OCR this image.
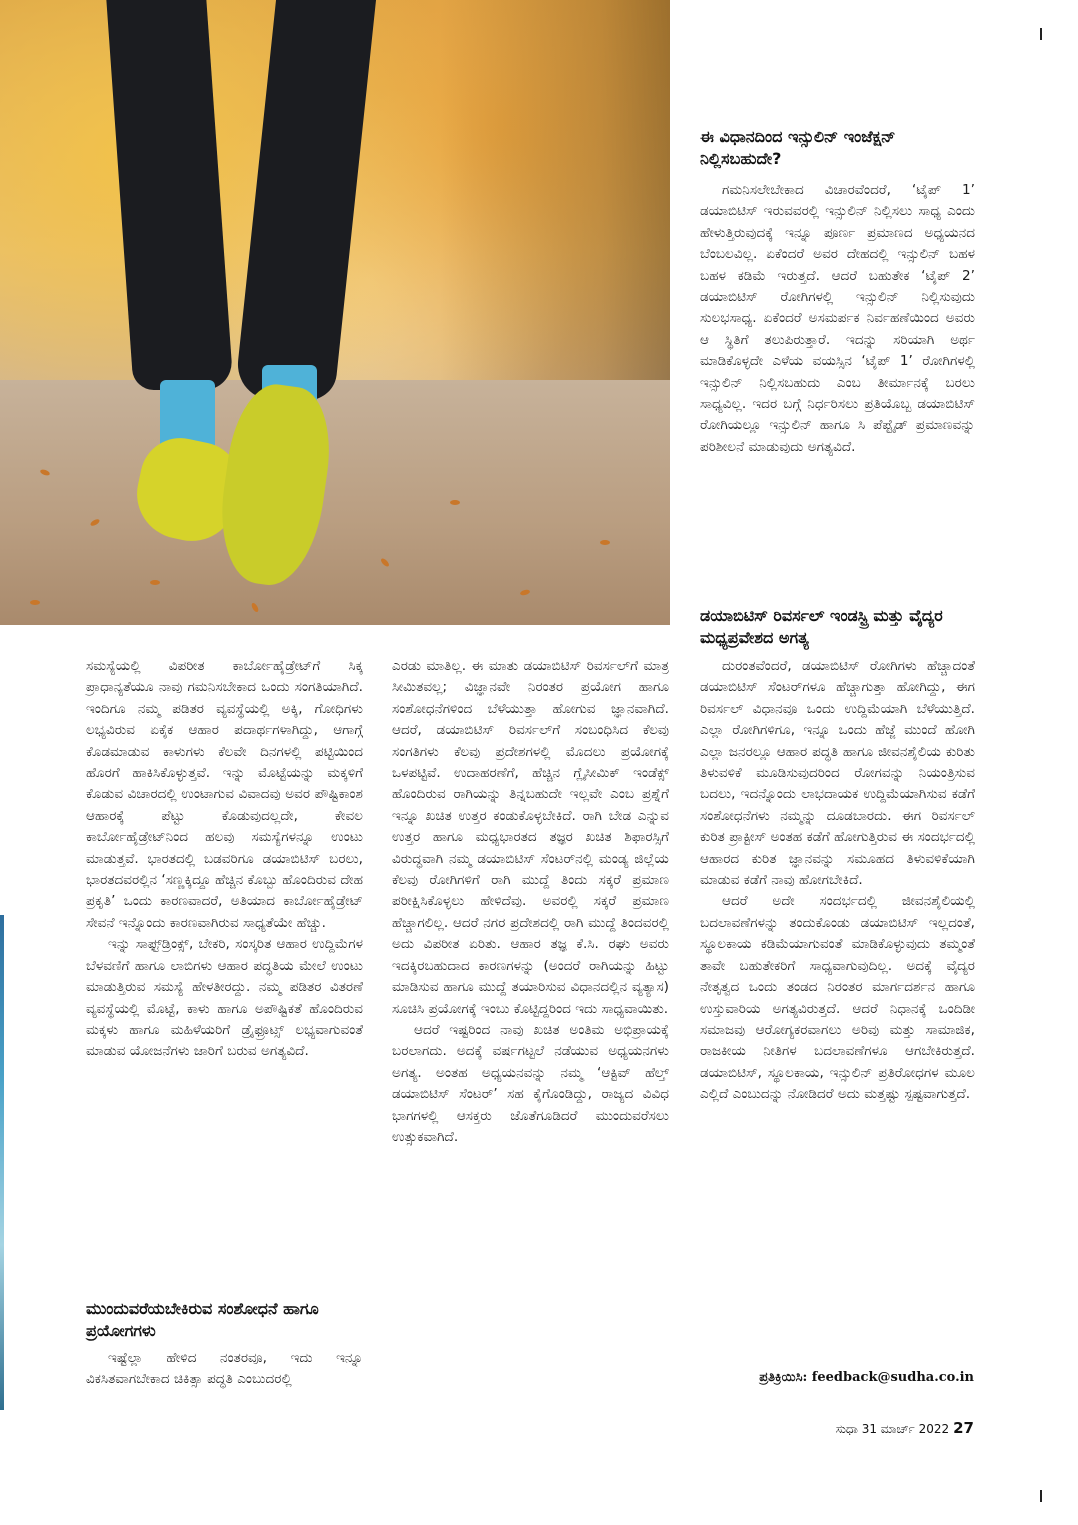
ಸಮಸ್ಯೆಯಲ್ಲಿ ವಿಪರೀತ ಕಾರ್ಬೋಹೈಡ್ರೇಟ್‌ಗೆ ಸಿಕ್ಕ ಪ್ರಾಧಾನ್ಯತೆಯೂ ನಾವು ಗಮನಿಸಬೇಕಾದ ಒಂದು ಸಂಗತಿಯಾಗಿದೆ. ಇಂದಿಗೂ ನಮ್ಮ ಪಡಿತರ ವ್ಯವಸ್ಥೆಯಲ್ಲಿ ಅಕ್ಕಿ, ಗೋಧಿಗಳು ಲಭ್ಯವಿರುವ ಏಕೈಕ ಆಹಾರ ಪದಾರ್ಥಗಳಾಗಿದ್ದು, ಆಗಾಗ್ಗೆ ಕೊಡಮಾಡುವ ಕಾಳುಗಳು ಕೆಲವೇ ದಿನಗಳಲ್ಲಿ ಪಟ್ಟಿಯಿಂದ ಹೊರಗೆ ಹಾಕಿಸಿಕೊಳ್ಳುತ್ತವೆ. ಇನ್ನು ಮೊಟ್ಟೆಯನ್ನು ಮಕ್ಕಳಿಗೆ ಕೊಡುವ ವಿಚಾರದಲ್ಲಿ ಉಂಟಾಗುವ ವಿವಾದವು ಅವರ ಪೌಷ್ಟಿಕಾಂಶ ಆಹಾರಕ್ಕೆ ಪೆಟ್ಟು ಕೊಡುವುದಲ್ಲದೇ, ಕೇವಲ ಕಾರ್ಬೋಹೈಡ್ರೇಟ್‌ನಿಂದ ಹಲವು ಸಮಸ್ಯೆಗಳನ್ನೂ ಉಂಟು ಮಾಡುತ್ತವೆ. ಭಾರತದಲ್ಲಿ ಬಡವರಿಗೂ ಡಯಾಬಿಟಿಸ್ ಬರಲು, ಭಾರತದವರಲ್ಲಿನ ‘ಸಣ್ಣಕ್ಕಿದ್ದೂ ಹೆಚ್ಚಿನ ಕೊಬ್ಬು ಹೊಂದಿರುವ ದೇಹ ಪ್ರಕೃತಿ’ ಒಂದು ಕಾರಣವಾದರೆ, ಅತಿಯಾದ ಕಾರ್ಬೋಹೈಡ್ರೇಟ್ ಸೇವನೆ ಇನ್ನೊಂದು ಕಾರಣವಾಗಿರುವ ಸಾಧ್ಯತೆಯೇ ಹೆಚ್ಚು.

ಇನ್ನು ಸಾಫ್ಟ್‌ಡ್ರಿಂಕ್ಸ್, ಬೇಕರಿ, ಸಂಸ್ಕರಿತ ಆಹಾರ ಉದ್ದಿಮೆಗಳ ಬೆಳವಣಿಗೆ ಹಾಗೂ ಲಾಬಿಗಳು ಆಹಾರ ಪದ್ಧತಿಯ ಮೇಲೆ ಉಂಟು ಮಾಡುತ್ತಿರುವ ಸಮಸ್ಯೆ ಹೇಳತೀರದ್ದು. ನಮ್ಮ ಪಡಿತರ ವಿತರಣೆ ವ್ಯವಸ್ಥೆಯಲ್ಲಿ ಮೊಟ್ಟೆ, ಕಾಳು ಹಾಗೂ ಅಪೌಷ್ಟಿಕತೆ ಹೊಂದಿರುವ ಮಕ್ಕಳು ಹಾಗೂ ಮಹಿಳೆಯರಿಗೆ ಡ್ರೈಫ್ರೂಟ್ಸ್ ಲಭ್ಯವಾಗುವಂತೆ ಮಾಡುವ ಯೋಜನೆಗಳು ಜಾರಿಗೆ ಬರುವ ಅಗತ್ಯವಿದೆ.

ಮುಂದುವರೆಯಬೇಕಿರುವ ಸಂಶೋಧನೆ ಹಾಗೂ ಪ್ರಯೋಗಗಳು

ಇಷ್ಟೆಲ್ಲಾ ಹೇಳಿದ ನಂತರವೂ, ಇದು ಇನ್ನೂ ವಿಕಸಿತವಾಗಬೇಕಾದ ಚಿಕಿತ್ಸಾ ಪದ್ಧತಿ ಎಂಬುದರಲ್ಲಿ

ಎರಡು ಮಾತಿಲ್ಲ. ಈ ಮಾತು ಡಯಾಬಿಟಿಸ್ ರಿವರ್ಸಲ್‌ಗೆ ಮಾತ್ರ ಸೀಮಿತವಲ್ಲ; ವಿಜ್ಞಾನವೇ ನಿರಂತರ ಪ್ರಯೋಗ ಹಾಗೂ ಸಂಶೋಧನೆಗಳಿಂದ ಬೆಳೆಯುತ್ತಾ ಹೋಗುವ ಜ್ಞಾನವಾಗಿದೆ. ಆದರೆ, ಡಯಾಬಿಟಿಸ್ ರಿವರ್ಸಲ್‌ಗೆ ಸಂಬಂಧಿಸಿದ ಕೆಲವು ಸಂಗತಿಗಳು ಕೆಲವು ಪ್ರದೇಶಗಳಲ್ಲಿ ಮೊದಲು ಪ್ರಯೋಗಕ್ಕೆ ಒಳಪಟ್ಟಿವೆ. ಉದಾಹರಣೆಗೆ, ಹೆಚ್ಚಿನ ಗ್ಲೈಸೀಮಿಕ್ ಇಂಡೆಕ್ಸ್ ಹೊಂದಿರುವ ರಾಗಿಯನ್ನು ತಿನ್ನಬಹುದೇ ಇಲ್ಲವೇ ಎಂಬ ಪ್ರಶ್ನೆಗೆ ಇನ್ನೂ ಖಚಿತ ಉತ್ತರ ಕಂಡುಕೊಳ್ಳಬೇಕಿದೆ. ರಾಗಿ ಬೇಡ ಎನ್ನುವ ಉತ್ತರ ಹಾಗೂ ಮಧ್ಯಭಾರತದ ತಜ್ಞರ ಖಚಿತ ಶಿಫಾರಸ್ಸಿಗೆ ವಿರುದ್ಧವಾಗಿ ನಮ್ಮ ಡಯಾಬಿಟಿಸ್ ಸೆಂಟರ್‌ನಲ್ಲಿ ಮಂಡ್ಯ ಜಿಲ್ಲೆಯ ಕೆಲವು ರೋಗಿಗಳಿಗೆ ರಾಗಿ ಮುದ್ದೆ ತಿಂದು ಸಕ್ಕರೆ ಪ್ರಮಾಣ ಪರೀಕ್ಷಿಸಿಕೊಳ್ಳಲು ಹೇಳಿದೆವು. ಅವರಲ್ಲಿ ಸಕ್ಕರೆ ಪ್ರಮಾಣ ಹೆಚ್ಚಾಗಲಿಲ್ಲ. ಆದರೆ ನಗರ ಪ್ರದೇಶದಲ್ಲಿ ರಾಗಿ ಮುದ್ದೆ ತಿಂದವರಲ್ಲಿ ಅದು ವಿಪರೀತ ಏರಿತು. ಆಹಾರ ತಜ್ಞ ಕೆ.ಸಿ. ರಘು ಅವರು ಇದಕ್ಕಿರಬಹುದಾದ ಕಾರಣಗಳನ್ನು (ಅಂದರೆ ರಾಗಿಯನ್ನು ಹಿಟ್ಟು ಮಾಡಿಸುವ ಹಾಗೂ ಮುದ್ದೆ ತಯಾರಿಸುವ ವಿಧಾನದಲ್ಲಿನ ವ್ಯತ್ಯಾಸ) ಸೂಚಿಸಿ ಪ್ರಯೋಗಕ್ಕೆ ಇಂಬು ಕೊಟ್ಟಿದ್ದರಿಂದ ಇದು ಸಾಧ್ಯವಾಯಿತು.

ಆದರೆ ಇಷ್ಟರಿಂದ ನಾವು ಖಚಿತ ಅಂತಿಮ ಅಭಿಪ್ರಾಯಕ್ಕೆ ಬರಲಾಗದು. ಅದಕ್ಕೆ ವರ್ಷಗಟ್ಟಲೆ ನಡೆಯುವ ಅಧ್ಯಯನಗಳು ಅಗತ್ಯ. ಅಂತಹ ಅಧ್ಯಯನವನ್ನು ನಮ್ಮ ‘ಆಕ್ಟಿವ್ ಹೆಲ್ತ್ ಡಯಾಬಿಟಿಸ್ ಸೆಂಟರ್’ ಸಹ ಕೈಗೊಂಡಿದ್ದು, ರಾಜ್ಯದ ವಿವಿಧ ಭಾಗಗಳಲ್ಲಿ ಆಸಕ್ತರು ಜೊತೆಗೂಡಿದರೆ ಮುಂದುವರೆಸಲು ಉತ್ಸುಕವಾಗಿದೆ.

ಈ ವಿಧಾನದಿಂದ ಇನ್ಸುಲಿನ್ ಇಂಜೆಕ್ಷನ್ ನಿಲ್ಲಿಸಬಹುದೇ?

ಗಮನಿಸಲೇಬೇಕಾದ ವಿಚಾರವೆಂದರೆ, ‘ಟೈಪ್ 1’ ಡಯಾಬಿಟಿಸ್ ಇರುವವರಲ್ಲಿ ಇನ್ಸುಲಿನ್ ನಿಲ್ಲಿಸಲು ಸಾಧ್ಯ ಎಂದು ಹೇಳುತ್ತಿರುವುದಕ್ಕೆ ಇನ್ನೂ ಪೂರ್ಣ ಪ್ರಮಾಣದ ಅಧ್ಯಯನದ ಬೆಂಬಲವಿಲ್ಲ. ಏಕೆಂದರೆ ಅವರ ದೇಹದಲ್ಲಿ ಇನ್ಸುಲಿನ್ ಬಹಳ ಬಹಳ ಕಡಿಮೆ ಇರುತ್ತದೆ. ಆದರೆ ಬಹುತೇಕ ‘ಟೈಪ್ 2’ ಡಯಾಬಿಟಿಸ್ ರೋಗಿಗಳಲ್ಲಿ ಇನ್ಸುಲಿನ್ ನಿಲ್ಲಿಸುವುದು ಸುಲಭಸಾಧ್ಯ. ಏಕೆಂದರೆ ಅಸಮರ್ಪಕ ನಿರ್ವಹಣೆಯಿಂದ ಅವರು ಆ ಸ್ಥಿತಿಗೆ ತಲುಪಿರುತ್ತಾರೆ. ಇದನ್ನು ಸರಿಯಾಗಿ ಅರ್ಥ ಮಾಡಿಕೊಳ್ಳದೇ ಎಳೆಯ ವಯಸ್ಸಿನ ‘ಟೈಪ್ 1’ ರೋಗಿಗಳಲ್ಲಿ ಇನ್ಸುಲಿನ್ ನಿಲ್ಲಿಸಬಹುದು ಎಂಬ ತೀರ್ಮಾನಕ್ಕೆ ಬರಲು ಸಾಧ್ಯವಿಲ್ಲ. ಇದರ ಬಗ್ಗೆ ನಿರ್ಧರಿಸಲು ಪ್ರತಿಯೊಬ್ಬ ಡಯಾಬಿಟಿಸ್ ರೋಗಿಯಲ್ಲೂ ಇನ್ಸುಲಿನ್ ಹಾಗೂ ಸಿ ಪೆಪ್ಟೈಡ್ ಪ್ರಮಾಣವನ್ನು ಪರಿಶೀಲನೆ ಮಾಡುವುದು ಅಗತ್ಯವಿದೆ.

ಡಯಾಬಿಟಿಸ್ ರಿವರ್ಸಲ್ ಇಂಡಸ್ಟ್ರಿ ಮತ್ತು ವೈದ್ಯರ ಮಧ್ಯಪ್ರವೇಶದ ಅಗತ್ಯ

ದುರಂತವೆಂದರೆ, ಡಯಾಬಿಟಿಸ್ ರೋಗಿಗಳು ಹೆಚ್ಚಾದಂತೆ ಡಯಾಬಿಟಿಸ್ ಸೆಂಟರ್‌ಗಳೂ ಹೆಚ್ಚಾಗುತ್ತಾ ಹೋಗಿದ್ದು, ಈಗ ರಿವರ್ಸಲ್ ವಿಧಾನವೂ ಒಂದು ಉದ್ದಿಮೆಯಾಗಿ ಬೆಳೆಯುತ್ತಿದೆ. ಎಲ್ಲಾ ರೋಗಿಗಳಿಗೂ, ಇನ್ನೂ ಒಂದು ಹೆಜ್ಜೆ ಮುಂದೆ ಹೋಗಿ ಎಲ್ಲಾ ಜನರಲ್ಲೂ ಆಹಾರ ಪದ್ಧತಿ ಹಾಗೂ ಜೀವನಶೈಲಿಯ ಕುರಿತು ತಿಳುವಳಿಕೆ ಮೂಡಿಸುವುದರಿಂದ ರೋಗವನ್ನು ನಿಯಂತ್ರಿಸುವ ಬದಲು, ಇದನ್ನೊಂದು ಲಾಭದಾಯಕ ಉದ್ದಿಮೆಯಾಗಿಸುವ ಕಡೆಗೆ ಸಂಶೋಧನೆಗಳು ನಮ್ಮನ್ನು ದೂಡಬಾರದು. ಈಗ ರಿವರ್ಸಲ್ ಕುರಿತ ಪ್ರಾಕ್ಟೀಸ್ ಅಂತಹ ಕಡೆಗೆ ಹೋಗುತ್ತಿರುವ ಈ ಸಂದರ್ಭದಲ್ಲಿ ಆಹಾರದ ಕುರಿತ ಜ್ಞಾನವನ್ನು ಸಮೂಹದ ತಿಳುವಳಿಕೆಯಾಗಿ ಮಾಡುವ ಕಡೆಗೆ ನಾವು ಹೋಗಬೇಕಿದೆ.

ಆದರೆ ಅದೇ ಸಂದರ್ಭದಲ್ಲಿ ಜೀವನಶೈಲಿಯಲ್ಲಿ ಬದಲಾವಣೆಗಳನ್ನು ತಂದುಕೊಂಡು ಡಯಾಬಿಟಿಸ್ ಇಲ್ಲದಂತೆ, ಸ್ಥೂಲಕಾಯ ಕಡಿಮೆಯಾಗುವಂತೆ ಮಾಡಿಕೊಳ್ಳುವುದು ತಮ್ಮಂತೆ ತಾವೇ ಬಹುತೇಕರಿಗೆ ಸಾಧ್ಯವಾಗುವುದಿಲ್ಲ. ಅದಕ್ಕೆ ವೈದ್ಯರ ನೇತೃತ್ವದ ಒಂದು ತಂಡದ ನಿರಂತರ ಮಾರ್ಗದರ್ಶನ ಹಾಗೂ ಉಸ್ತುವಾರಿಯ ಅಗತ್ಯವಿರುತ್ತದೆ. ಆದರೆ ನಿಧಾನಕ್ಕೆ ಒಂದಿಡೀ ಸಮಾಜವು ಆರೋಗ್ಯಕರವಾಗಲು ಅರಿವು ಮತ್ತು ಸಾಮಾಜಿಕ, ರಾಜಕೀಯ ನೀತಿಗಳ ಬದಲಾವಣೆಗಳೂ ಆಗಬೇಕಿರುತ್ತದೆ. ಡಯಾಬಿಟಿಸ್, ಸ್ಥೂಲಕಾಯ, ಇನ್ಸುಲಿನ್ ಪ್ರತಿರೋಧಗಳ ಮೂಲ ಎಲ್ಲಿದೆ ಎಂಬುದನ್ನು ನೋಡಿದರೆ ಅದು ಮತ್ತಷ್ಟು ಸ್ಪಷ್ಟವಾಗುತ್ತದೆ.

ಪ್ರತಿಕ್ರಿಯಿಸಿ: feedback@sudha.co.in
ಸುಧಾ 31 ಮಾರ್ಚ್ 2022 27
